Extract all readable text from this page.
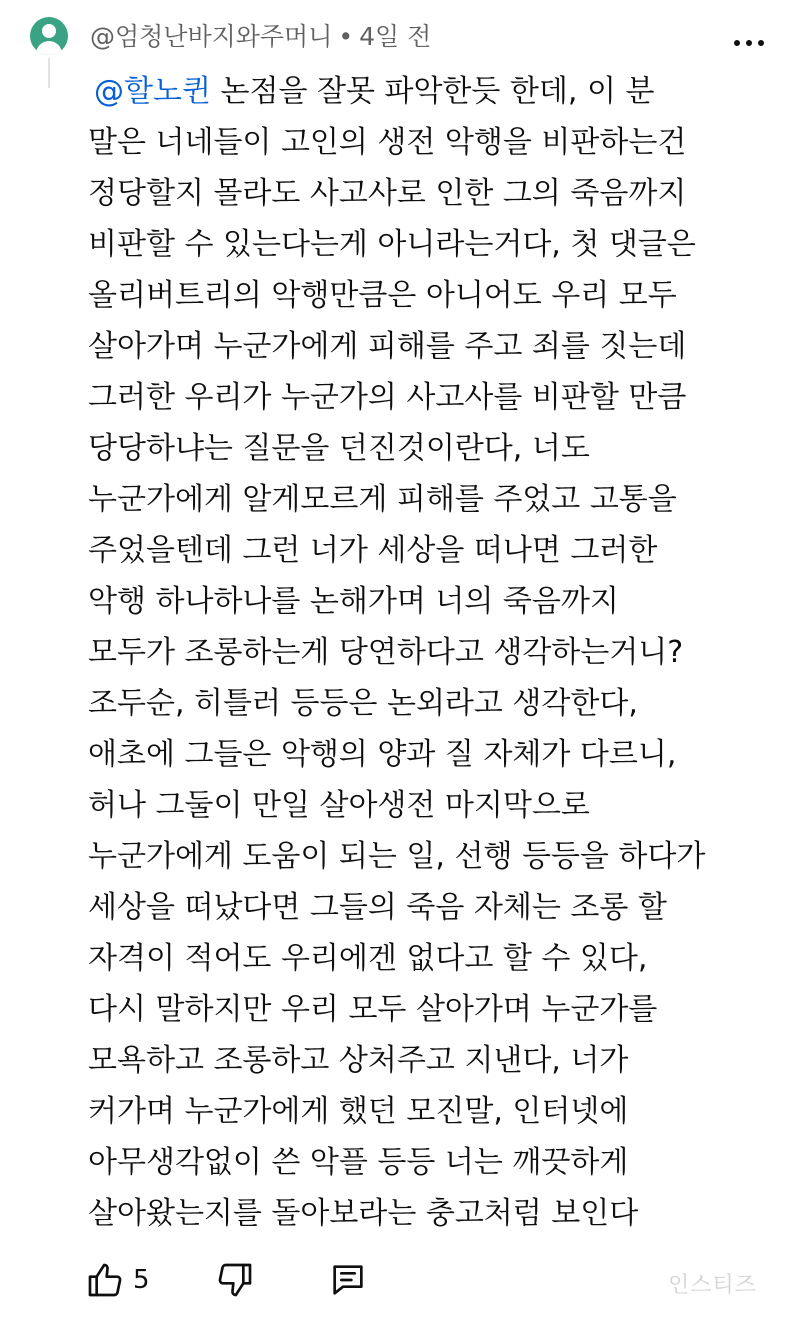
@엄청난바지와주머니 • 4일 전
@할노퀸 논점을 잘못 파악한듯 한데, 이 분
말은 너네들이 고인의 생전 악행을 비판하는건
정당할지 몰라도 사고사로 인한 그의 죽음까지
비판할 수 있는다는게 아니라는거다, 첫 댓글은
올리버트리의 악행만큼은 아니어도 우리 모두
살아가며 누군가에게 피해를 주고 죄를 짓는데
그러한 우리가 누군가의 사고사를 비판할 만큼
당당하냐는 질문을 던진것이란다, 너도
누군가에게 알게모르게 피해를 주었고 고통을
주었을텐데 그런 너가 세상을 떠나면 그러한
악행 하나하나를 논해가며 너의 죽음까지
모두가 조롱하는게 당연하다고 생각하는거니?
조두순, 히틀러 등등은 논외라고 생각한다,
애초에 그들은 악행의 양과 질 자체가 다르니,
허나 그둘이 만일 살아생전 마지막으로
누군가에게 도움이 되는 일, 선행 등등을 하다가
세상을 떠났다면 그들의 죽음 자체는 조롱 할
자격이 적어도 우리에겐 없다고 할 수 있다,
다시 말하지만 우리 모두 살아가며 누군가를
모욕하고 조롱하고 상처주고 지낸다, 너가
커가며 누군가에게 했던 모진말, 인터넷에
아무생각없이 쓴 악플 등등 너는 깨끗하게
살아왔는지를 돌아보라는 충고처럼 보인다
5	인스티즈
